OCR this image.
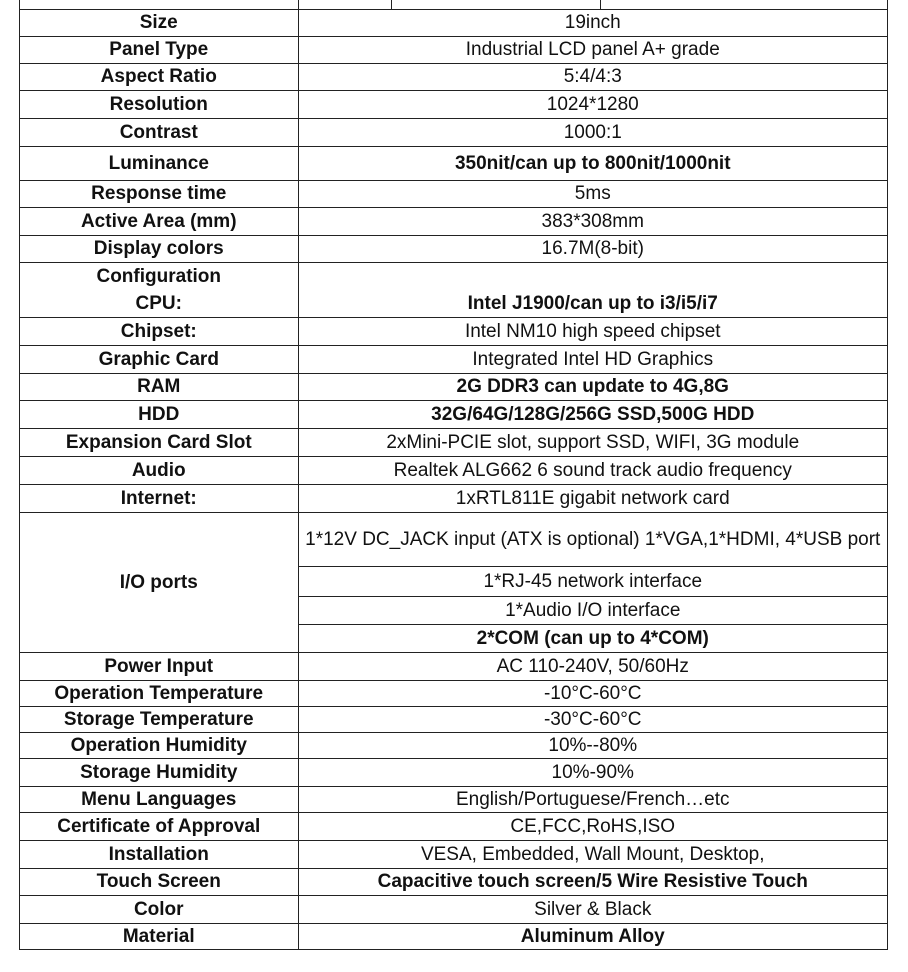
Size	19inch
Panel Type	Industrial LCD panel A+ grade
Aspect Ratio	5:4/4:3
Resolution	1024*1280
Contrast	1000:1
Luminance	350nit/can up to 800nit/1000nit
Response time	5ms
Active Area (mm)	383*308mm
Display colors	16.7M(8-bit)
Configuration	
CPU:	Intel J1900/can up to i3/i5/i7
Chipset:	Intel NM10 high speed chipset
Graphic Card	Integrated Intel HD Graphics
RAM	2G DDR3 can update to 4G,8G
HDD	32G/64G/128G/256G SSD,500G HDD
Expansion Card Slot	2xMini-PCIE slot, support SSD, WIFI, 3G module
Audio	Realtek ALG662 6 sound track audio frequency
Internet:	1xRTL811E gigabit network card
I/O ports	1*12V DC_JACK input (ATX is optional) 1*VGA,1*HDMI, 4*USB port
	1*RJ-45 network interface
	1*Audio I/O interface
	2*COM (can up to 4*COM)
Power Input	AC 110-240V, 50/60Hz
Operation Temperature	-10°C-60°C
Storage Temperature	-30°C-60°C
Operation Humidity	10%--80%
Storage Humidity	10%-90%
Menu Languages	English/Portuguese/French…etc
Certificate of Approval	CE,FCC,RoHS,ISO
Installation	VESA, Embedded, Wall Mount, Desktop,
Touch Screen	Capacitive touch screen/5 Wire Resistive Touch
Color	Silver & Black
Material	Aluminum Alloy
